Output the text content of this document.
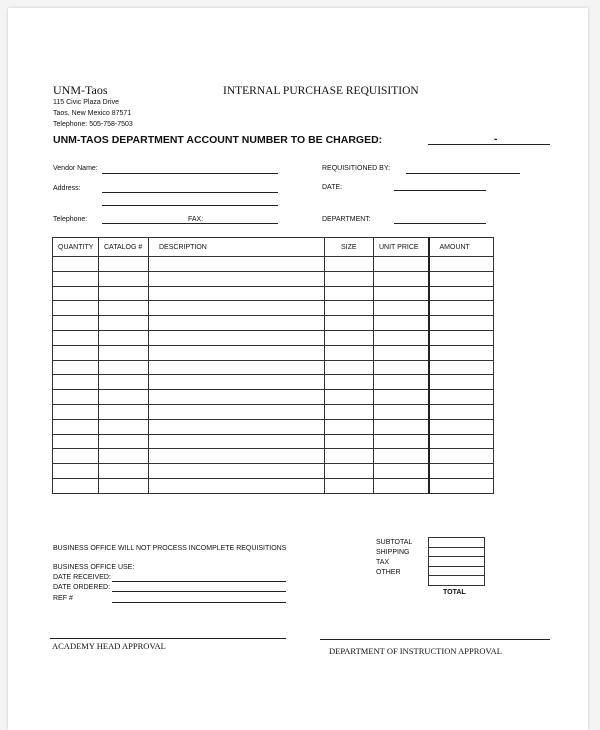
UNM-Taos
115 Civic Plaza Drive
Taos, New Mexico 87571
Telephone: 505-758-7503
INTERNAL PURCHASE REQUISITION
UNM-TAOS DEPARTMENT ACCOUNT NUMBER TO BE CHARGED:	-
Vendor Name:
Address:
Telephone:	FAX:
REQUISITIONED BY:
DATE:
DEPARTMENT:
QUANTITY	CATALOG #	DESCRIPTION	SIZE	UNIT PRICE	AMOUNT

SUBTOTAL
SHIPPING
TAX
OTHER

TOTAL
BUSINESS OFFICE WILL NOT PROCESS INCOMPLETE REQUISITIONS
BUSINESS OFFICE USE:
DATE RECEIVED:
DATE ORDERED:
REF #
ACADEMY HEAD APPROVAL	DEPARTMENT OF INSTRUCTION APPROVAL
